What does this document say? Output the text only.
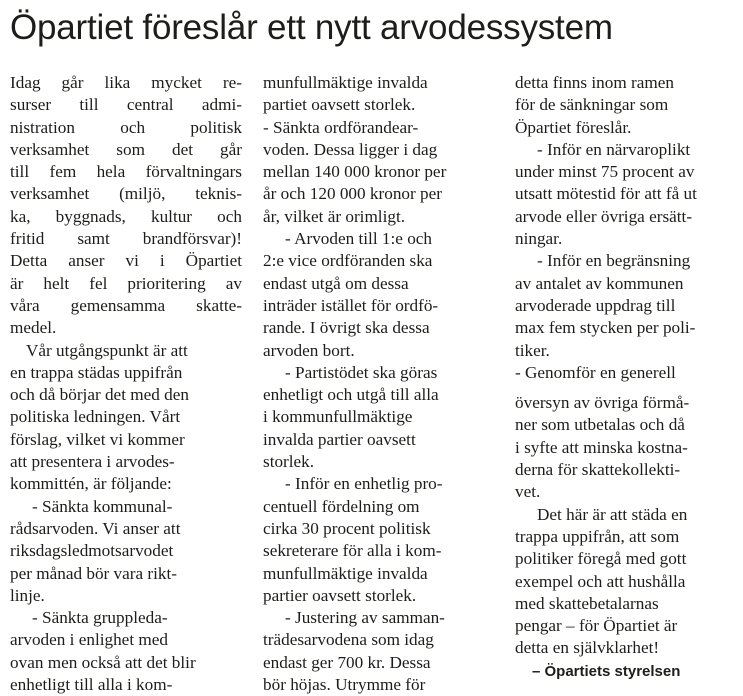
Öpartiet föreslår ett nytt arvodessystem
Idag går lika mycket re-
surser till central admi-
nistration och politisk
verksamhet som det går
till fem hela förvaltningars
verksamhet (miljö, teknis-
ka, byggnads, kultur och
fritid samt brandförsvar)!
Detta anser vi i Öpartiet
är helt fel prioritering av
våra gemensamma skatte-
medel.
Vår utgångspunkt är att
en trappa städas uppifrån
och då börjar det med den
politiska ledningen. Vårt
förslag, vilket vi kommer
att presentera i arvodes-
kommittén, är följande:
- Sänkta kommunal-
rådsarvoden. Vi anser att
riksdagsledmotsarvodet
per månad bör vara rikt-
linje.
- Sänkta gruppleda-
arvoden i enlighet med
ovan men också att det blir
enhetligt till alla i kom-
munfullmäktige invalda
partiet oavsett storlek.
- Sänkta ordförandear-
voden. Dessa ligger i dag
mellan 140 000 kronor per
år och 120 000 kronor per
år, vilket är orimligt.
- Arvoden till 1:e och
2:e vice ordföranden ska
endast utgå om dessa
inträder istället för ordfö-
rande. I övrigt ska dessa
arvoden bort.
- Partistödet ska göras
enhetligt och utgå till alla
i kommunfullmäktige
invalda partier oavsett
storlek.
- Inför en enhetlig pro-
centuell fördelning om
cirka 30 procent politisk
sekreterare för alla i kom-
munfullmäktige invalda
partier oavsett storlek.
- Justering av samman-
trädesarvodena som idag
endast ger 700 kr. Dessa
bör höjas. Utrymme för
detta finns inom ramen
för de sänkningar som
Öpartiet föreslår.
- Inför en närvaroplikt
under minst 75 procent av
utsatt mötestid för att få ut
arvode eller övriga ersätt-
ningar.
- Inför en begränsning
av antalet av kommunen
arvoderade uppdrag till
max fem stycken per poli-
tiker.
- Genomför en generell
översyn av övriga förmå-
ner som utbetalas och då
i syfte att minska kostna-
derna för skattekollekti-
vet.
Det här är att städa en
trappa uppifrån, att som
politiker föregå med gott
exempel och att hushålla
med skattebetalarnas
pengar – för Öpartiet är
detta en självklarhet!
– Öpartiets styrelsen
